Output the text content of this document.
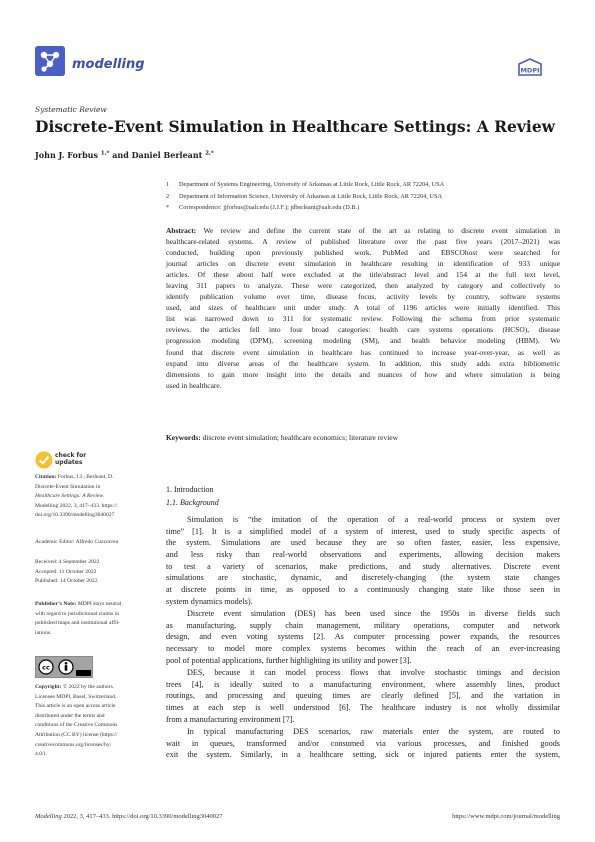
modelling	MDPI
Systematic Review
Discrete-Event Simulation in Healthcare Settings: A Review
John J. Forbus $^{1,*}$ and Daniel Berleant $^{2,*}$
1	Department of Systems Engineering, University of Arkansas at Little Rock, Little Rock, AR 72204, USA
2	Department of Information Science, University of Arkansas at Little Rock, Little Rock, AR 72204, USA
*	Correspondence: jjforbus@ualr.edu (J.J.F.); jdberleant@ualr.edu (D.B.)
Abstract: We review and define the current state of the art as relating to discrete event simulation in
healthcare-related systems. A review of published literature over the past five years (2017–2021) was
conducted, building upon previously published work. PubMed and EBSCOhost were searched for
journal articles on discrete event simulation in healthcare resulting in identification of 933 unique
articles. Of these about half were excluded at the title/abstract level and 154 at the full text level,
leaving 311 papers to analyze. These were categorized, then analyzed by category and collectively to
identify publication volume over time, disease focus, activity levels by country, software systems
used, and sizes of healthcare unit under study. A total of 1196 articles were initially identified. This
list was narrowed down to 311 for systematic review. Following the schema from prior systematic
reviews, the articles fell into four broad categories: health care systems operations (HCSO), disease
progression modeling (DPM), screening modeling (SM), and health behavior modeling (HBM). We
found that discrete event simulation in healthcare has continued to increase year-over-year, as well as
expand into diverse areas of the healthcare system. In addition, this study adds extra bibliometric
dimensions to gain more insight into the details and nuances of how and where simulation is being
used in healthcare.
Keywords: discrete event simulation; healthcare economics; literature review
check for
updates
Citation: Forbus, J.J.; Berleant, D.
Discrete-Event Simulation in
Healthcare Settings: A Review.
Modelling 2022, 3, 417–433. https://
doi.org/10.3390/modelling3040027
Academic Editor: Alfredo Cuzzocrea
Received: 4 September 2022
Accepted: 11 October 2022
Published: 14 October 2022
Publisher’s Note: MDPI stays neutral
with regard to jurisdictional claims in
published maps and institutional affil-
iations.
cc
Copyright: © 2022 by the authors.
Licensee MDPI, Basel, Switzerland.
This article is an open access article
distributed under the terms and
conditions of the Creative Commons
Attribution (CC BY) license (https://
creativecommons.org/licenses/by/
4.0/).
1. Introduction
1.1. Background
Simulation is “the imitation of the operation of a real-world process or system over
time” [1]. It is a simplified model of a system of interest, used to study specific aspects of
the system. Simulations are used because they are so often faster, easier, less expensive,
and less risky than real-world observations and experiments, allowing decision makers
to test a variety of scenarios, make predictions, and study alternatives. Discrete event
simulations are stochastic, dynamic, and discretely-changing (the system state changes
at discrete points in time, as opposed to a continuously changing state like those seen in
system dynamics models).
Discrete event simulation (DES) has been used since the 1950s in diverse fields such
as manufacturing, supply chain management, military operations, computer and network
design, and even voting systems [2]. As computer processing power expands, the resources
necessary to model more complex systems becomes within the reach of an ever-increasing
pool of potential applications, further highlighting its utility and power [3].
DES, because it can model process flows that involve stochastic timings and decision
trees [4], is ideally suited to a manufacturing environment, where assembly lines, product
routings, and processing and queuing times are clearly defined [5], and the variation in
times at each step is well understood [6]. The healthcare industry is not wholly dissimilar
from a manufacturing environment [7].
In typical manufacturing DES scenarios, raw materials enter the system, are routed to
wait in queues, transformed and/or consumed via various processes, and finished goods
exit the system. Similarly, in a healthcare setting, sick or injured patients enter the system,
Modelling 2022, 3, 417–433. https://doi.org/10.3390/modelling3040027	https://www.mdpi.com/journal/modelling
